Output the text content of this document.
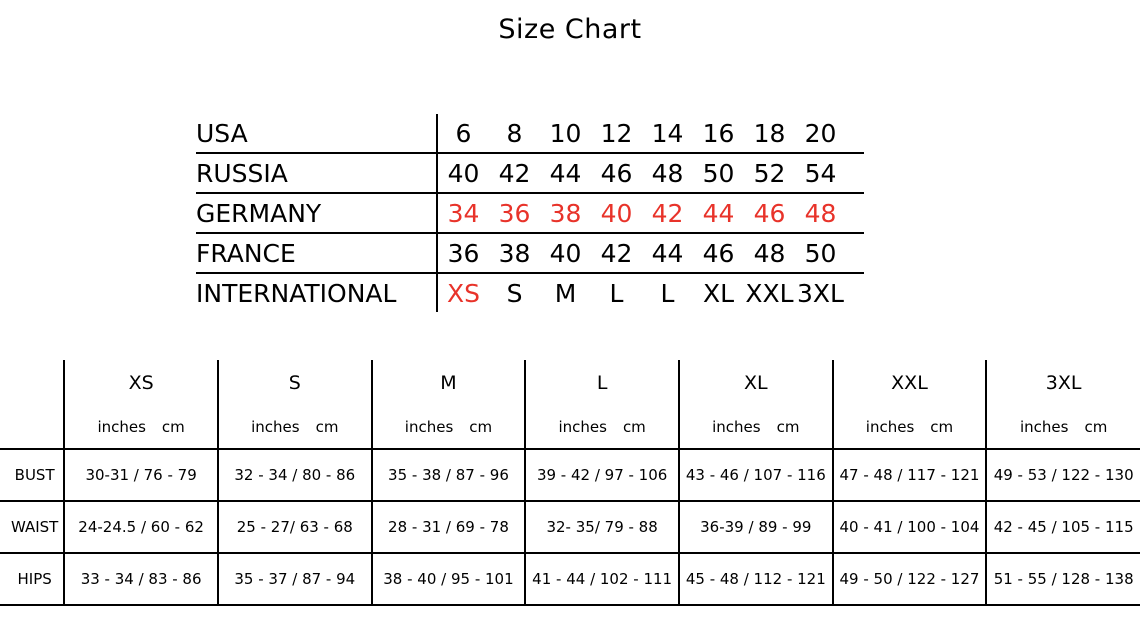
Size Chart
USA	6	8	10 12 14 16 18 20

RUSSIA	40 42 44 46 48 50 52 54

GERMANY	34 36 38 40 42 44 46 48

FRANCE	36 38 40 42 44 46 48 50

INTERNATIONAL	XS	S	M	L	L	XL XXL 3XL
	XS	S	M	L	XL	XXL	3XL

	inches cm	inches cm	inches cm	inches cm	inches cm	inches cm	inches cm

BUST	30-31 / 76 - 79	32 - 34 / 80 - 86	35 - 38 / 87 - 96	39 - 42 / 97 - 106	43 - 46 / 107 - 116	47 - 48 / 117 - 121	49 - 53 / 122 - 130
WAIST	24-24.5 / 60 - 62	25 - 27/ 63 - 68	28 - 31 / 69 - 78	32- 35/ 79 - 88	36-39 / 89 - 99	40 - 41 / 100 - 104	42 - 45 / 105 - 115
HIPS	33 - 34 / 83 - 86	35 - 37 / 87 - 94	38 - 40 / 95 - 101	41 - 44 / 102 - 111	45 - 48 / 112 - 121	49 - 50 / 122 - 127	51 - 55 / 128 - 138
